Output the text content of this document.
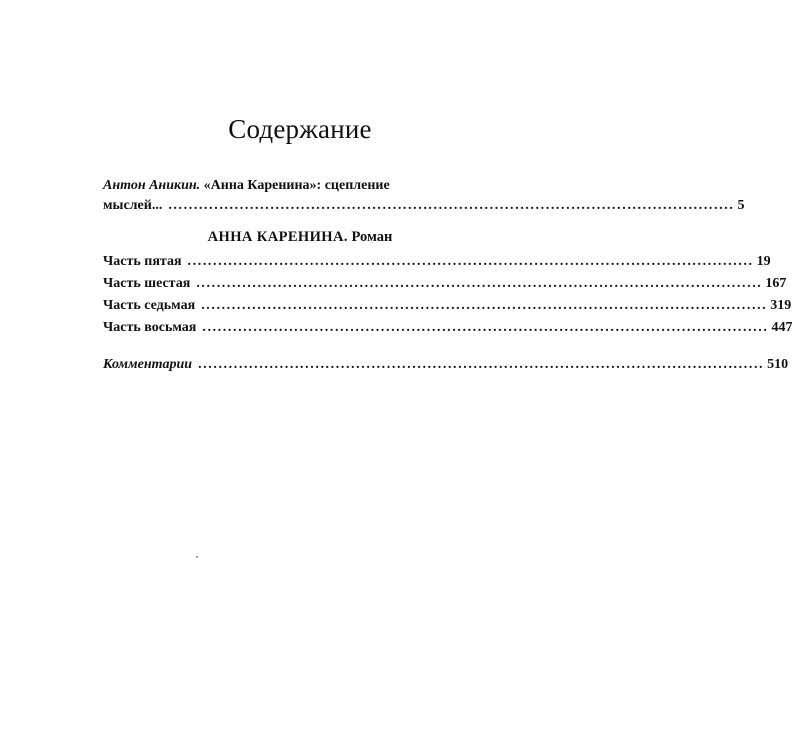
Содержание
Антон Аникин. «Анна Каренина»: сцепление
мыслей... ............................................................................................................... 5
АННА КАРЕНИНА. Роман
Часть пятая ............................................................................................................... 19
Часть шестая ............................................................................................................... 167
Часть седьмая ............................................................................................................... 319
Часть восьмая ............................................................................................................... 447
Комментарии ............................................................................................................... 510
